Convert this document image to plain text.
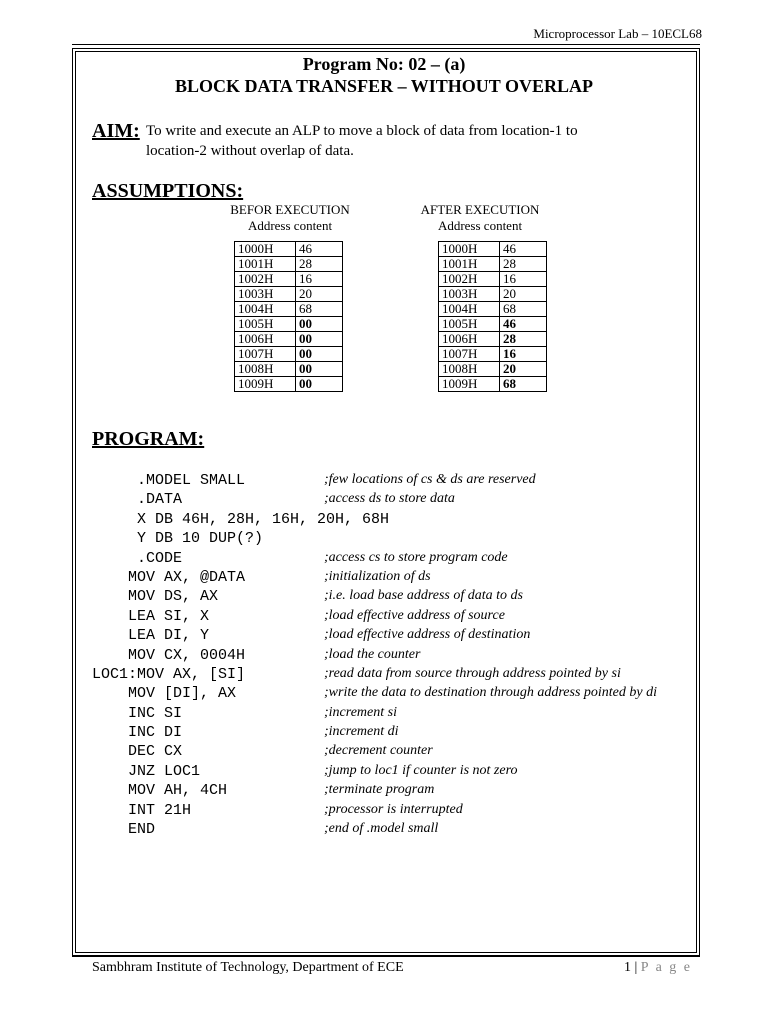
Microprocessor Lab – 10ECL68
Program No: 02 – (a)
BLOCK DATA TRANSFER – WITHOUT OVERLAP
AIM: To write and execute an ALP to move a block of data from location-1 to
location-2 without overlap of data.
ASSUMPTIONS:
BEFOR EXECUTION
Address content
AFTER EXECUTION
Address content
1000H	46
1001H	28
1002H	16
1003H	20
1004H	68
1005H	00
1006H	00
1007H	00
1008H	00
1009H	00
1000H	46
1001H	28
1002H	16
1003H	20
1004H	68
1005H	46
1006H	28
1007H	16
1008H	20
1009H	68
PROGRAM:
.MODEL SMALL	;few locations of cs & ds are reserved
.DATA	;access ds to store data
X DB 46H, 28H, 16H, 20H, 68H
Y DB 10 DUP(?)
.CODE	;access cs to store program code
MOV AX, @DATA	;initialization of ds
MOV DS, AX	;i.e. load base address of data to ds
LEA SI, X	;load effective address of source
LEA DI, Y	;load effective address of destination
MOV CX, 0004H	;load the counter
LOC1:MOV AX, [SI]	;read data from source through address pointed by si
MOV [DI], AX	;write the data to destination through address pointed by di
INC SI	;increment si
INC DI	;increment di
DEC CX	;decrement counter
JNZ LOC1	;jump to loc1 if counter is not zero
MOV AH, 4CH	;terminate program
INT 21H	;processor is interrupted
END	;end of .model small
Sambhram Institute of Technology, Department of ECE	1 | P a g e
